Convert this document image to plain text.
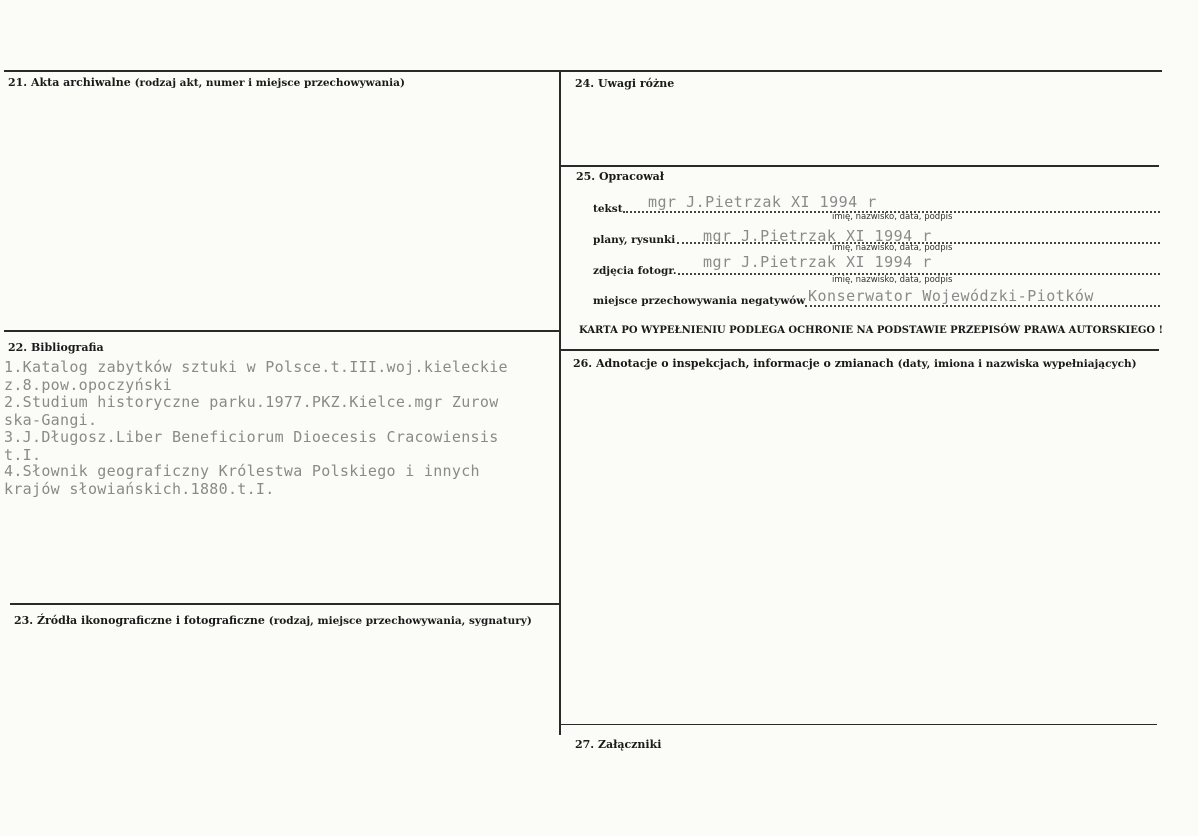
21. Akta archiwalne (rodzaj akt, numer i miejsce przechowywania)
22. Bibliografia
1.Katalog zabytków sztuki w Polsce.t.III.woj.kieleckie
z.8.pow.opoczyński
2.Studium historyczne parku.1977.PKZ.Kielce.mgr Zurow
ska-Gangi.
3.J.Długosz.Liber Beneficiorum Dioecesis Cracowiensis
t.I.
4.Słownik geograficzny Królestwa Polskiego i innych
krajów słowiańskich.1880.t.I.
23. Źródła ikonograficzne i fotograficzne (rodzaj, miejsce przechowywania, sygnatury)
24. Uwagi różne
25. Opracował
tekst mgr J.Pietrzak XI 1994 r
imię, nazwisko, data, podpis
plany, rysunki mgr J.Pietrzak XI 1994 r
imię, nazwisko, data, podpis
zdjęcia fotogr. mgr J.Pietrzak XI 1994 r
imię, nazwisko, data, podpis
miejsce przechowywania negatywów Konserwator Wojewódzki-Piotków
KARTA PO WYPEŁNIENIU PODLEGA OCHRONIE NA PODSTAWIE PRZEPISÓW PRAWA AUTORSKIEGO !
26. Adnotacje o inspekcjach, informacje o zmianach (daty, imiona i nazwiska wypełniających)
27. Załączniki
